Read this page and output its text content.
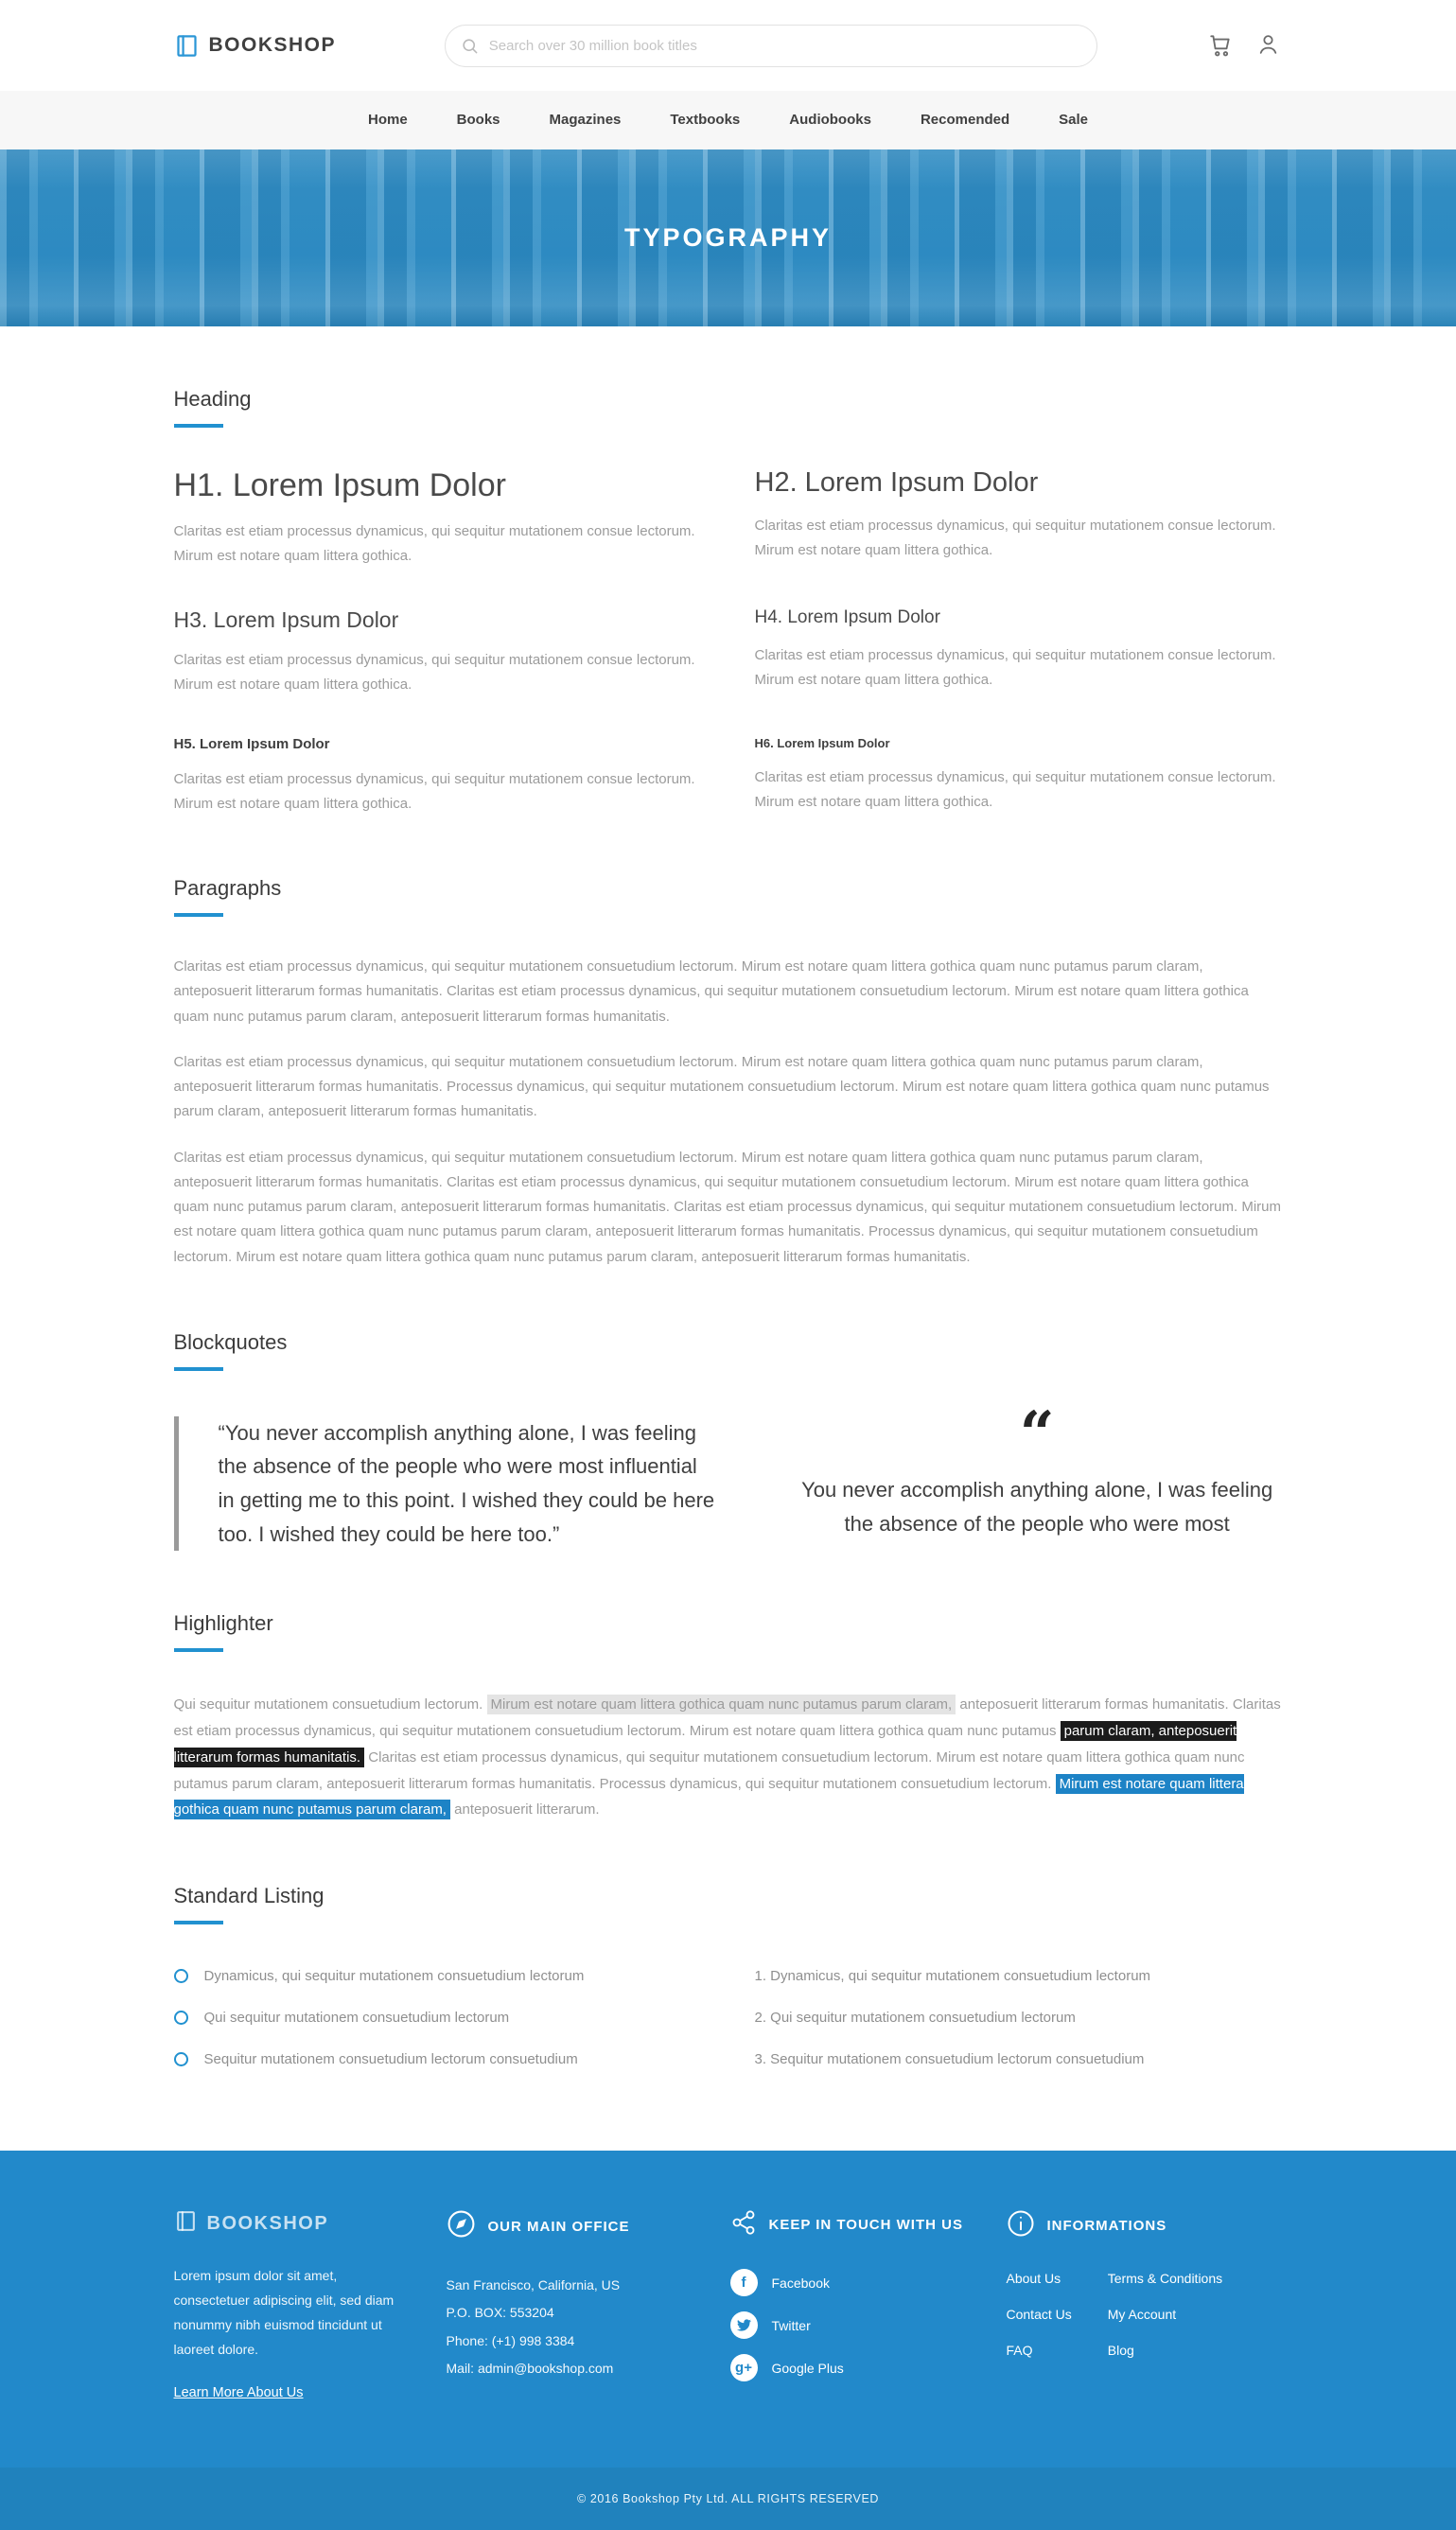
BOOKSHOP
Search over 30 million book titles
Home	Books	Magazines	Textbooks	Audiobooks	Recomended	Sale
TYPOGRAPHY
Heading
H1. Lorem Ipsum Dolor

Claritas est etiam processus dynamicus, qui sequitur mutationem consue lectorum. Mirum est notare quam littera gothica.

H2. Lorem Ipsum Dolor

Claritas est etiam processus dynamicus, qui sequitur mutationem consue lectorum. Mirum est notare quam littera gothica.

H3. Lorem Ipsum Dolor

Claritas est etiam processus dynamicus, qui sequitur mutationem consue lectorum. Mirum est notare quam littera gothica.

H4. Lorem Ipsum Dolor

Claritas est etiam processus dynamicus, qui sequitur mutationem consue lectorum. Mirum est notare quam littera gothica.

H5. Lorem Ipsum Dolor

Claritas est etiam processus dynamicus, qui sequitur mutationem consue lectorum. Mirum est notare quam littera gothica.

H6. Lorem Ipsum Dolor

Claritas est etiam processus dynamicus, qui sequitur mutationem consue lectorum. Mirum est notare quam littera gothica.

Paragraphs

Claritas est etiam processus dynamicus, qui sequitur mutationem consuetudium lectorum. Mirum est notare quam littera gothica quam nunc putamus parum claram, anteposuerit litterarum formas humanitatis. Claritas est etiam processus dynamicus, qui sequitur mutationem consuetudium lectorum. Mirum est notare quam littera gothica quam nunc putamus parum claram, anteposuerit litterarum formas humanitatis.

Claritas est etiam processus dynamicus, qui sequitur mutationem consuetudium lectorum. Mirum est notare quam littera gothica quam nunc putamus parum claram, anteposuerit litterarum formas humanitatis. Processus dynamicus, qui sequitur mutationem consuetudium lectorum. Mirum est notare quam littera gothica quam nunc putamus parum claram, anteposuerit litterarum formas humanitatis.

Claritas est etiam processus dynamicus, qui sequitur mutationem consuetudium lectorum. Mirum est notare quam littera gothica quam nunc putamus parum claram, anteposuerit litterarum formas humanitatis. Claritas est etiam processus dynamicus, qui sequitur mutationem consuetudium lectorum. Mirum est notare quam littera gothica quam nunc putamus parum claram, anteposuerit litterarum formas humanitatis. Claritas est etiam processus dynamicus, qui sequitur mutationem consuetudium lectorum. Mirum est notare quam littera gothica quam nunc putamus parum claram, anteposuerit litterarum formas humanitatis. Processus dynamicus, qui sequitur mutationem consuetudium lectorum. Mirum est notare quam littera gothica quam nunc putamus parum claram, anteposuerit litterarum formas humanitatis.

Blockquotes
“You never accomplish anything alone, I was feeling the absence of the people who were most influential in getting me to this point. I wished they could be here too. I wished they could be here too.”
“
You never accomplish anything alone, I was feeling the absence of the people who were most
Highlighter

Qui sequitur mutationem consuetudium lectorum. Mirum est notare quam littera gothica quam nunc putamus parum claram, anteposuerit litterarum formas humanitatis. Claritas est etiam processus dynamicus, qui sequitur mutationem consuetudium lectorum. Mirum est notare quam littera gothica quam nunc putamus parum claram, anteposuerit litterarum formas humanitatis. Claritas est etiam processus dynamicus, qui sequitur mutationem consuetudium lectorum. Mirum est notare quam littera gothica quam nunc putamus parum claram, anteposuerit litterarum formas humanitatis. Processus dynamicus, qui sequitur mutationem consuetudium lectorum. Mirum est notare quam littera gothica quam nunc putamus parum claram, anteposuerit litterarum.

Standard Listing
Dynamicus, qui sequitur mutationem consuetudium lectorum
Qui sequitur mutationem consuetudium lectorum
Sequitur mutationem consuetudium lectorum consuetudium
1. Dynamicus, qui sequitur mutationem consuetudium lectorum
2. Qui sequitur mutationem consuetudium lectorum
3. Sequitur mutationem consuetudium lectorum consuetudium
BOOKSHOP

Lorem ipsum dolor sit amet, consectetuer adipiscing elit, sed diam nonummy nibh euismod tincidunt ut laoreet dolore.

Learn More About Us
OUR MAIN OFFICE
San Francisco, California, US
P.O. BOX: 553204
Phone: (+1) 998 3384
Mail: admin@bookshop.com
KEEP IN TOUCH WITH US
f	Facebook
Twitter
g+	Google Plus
INFORMATIONS
About Us
Contact Us
FAQ
Terms & Conditions
My Account
Blog
© 2016 Bookshop Pty Ltd. ALL RIGHTS RESERVED
